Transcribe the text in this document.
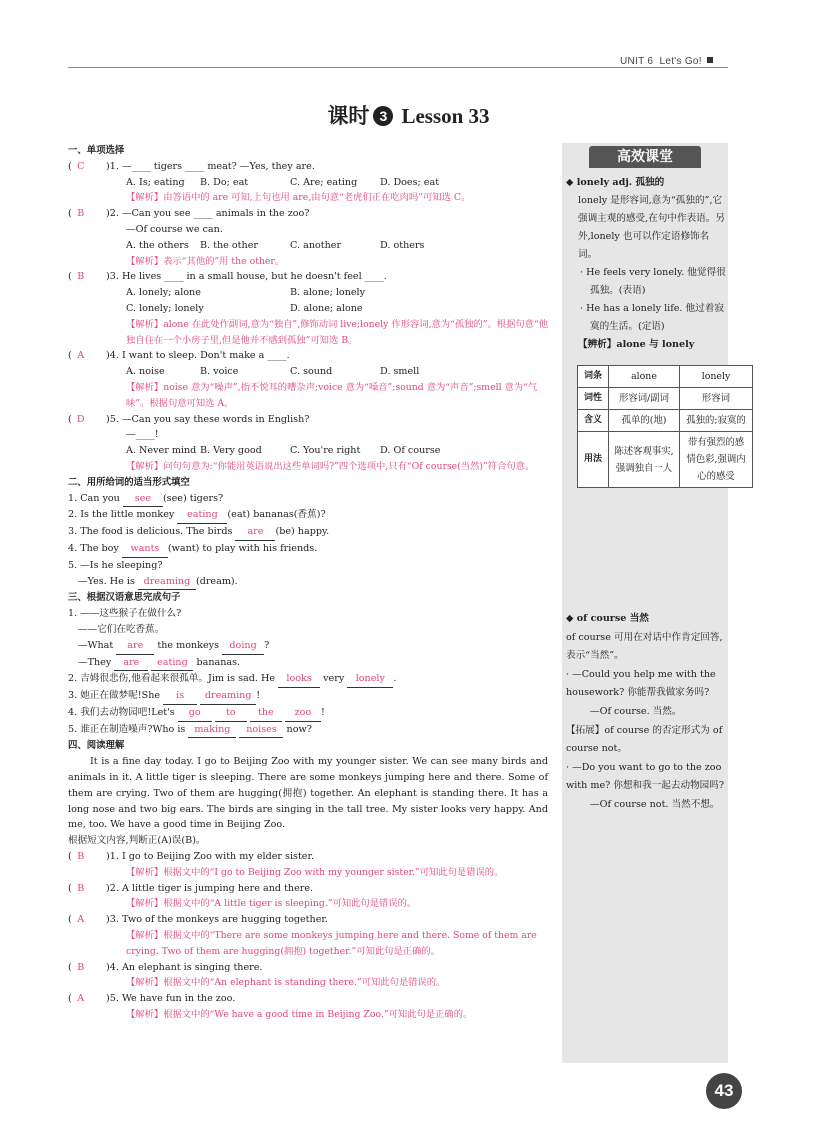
UNIT 6 Let's Go!
课时 3 Lesson 33
一、单项选择
( C )1. —____ tigers ____ meat? —Yes, they are.
A. Is; eating B. Do; eat	C. Are; eating D. Does; eat
【解析】由答语中的 are 可知,上句也用 are,由句意“老虎们正在吃肉吗”可知选 C。
( B )2. —Can you see ____ animals in the zoo?
—Of course we can.
A. the others B. the other	C. another	D. others
【解析】表示“其他的”用 the other。
( B )3. He lives ____ in a small house, but he doesn't feel ____.
A. lonely; alone	B. alone; lonely
C. lonely; lonely	D. alone; alone
【解析】alone 在此处作副词,意为“独自”,修饰动词 live;lonely 作形容词,意为“孤独的”。根据句意“他独自住在一个小房子里,但是他并不感到孤独”可知选 B。
( A )4. I want to sleep. Don't make a ____.
A. noise	B. voice	C. sound	D. smell
【解析】noise 意为“噪声”,指不悦耳的嘈杂声;voice 意为“嗓音”;sound 意为“声音”;smell 意为“气味”。根据句意可知选 A。
( D )5. —Can you say these words in English?
—____!
A. Never mind B. Very good	C. You're right D. Of course
【解析】问句句意为:“你能用英语说出这些单词吗?”四个选项中,只有“Of course(当然)”符合句意。
二、用所给词的适当形式填空
1. Can you see (see) tigers?
2. Is the little monkey eating (eat) bananas(香蕉)?
3. The food is delicious. The birds are (be) happy.
4. The boy wants (want) to play with his friends.
5. —Is he sleeping?
—Yes. He is dreaming (dream).
三、根据汉语意思完成句子
1. ——这些猴子在做什么?
——它们在吃香蕉。
—What are the monkeys doing ?
—They are eating bananas.
2. 吉姆很悲伤,他看起来很孤单。Jim is sad. He looks very lonely .
3. 她正在做梦呢!She is dreaming !
4. 我们去动物园吧!Let's go	to the zoo !
5. 谁正在制造噪声?Who is making noises now?
四、阅读理解
It is a fine day today. I go to Beijing Zoo with my younger sister. We can see many birds and animals in it. A little tiger is sleeping. There are some monkeys jumping here and there. Some of them are crying. Two of them are hugging(拥抱) together. An elephant is standing there. It has a long nose and two big ears. The birds are singing in the tall tree. My sister looks very happy. And me, too. We have a good time in Beijing Zoo.
根据短文内容,判断正(A)误(B)。
( B )1. I go to Beijing Zoo with my elder sister.
【解析】根据文中的“I go to Beijing Zoo with my younger sister.”可知此句是错误的。
( B )2. A little tiger is jumping here and there.
【解析】根据文中的“A little tiger is sleeping.”可知此句是错误的。
( A )3. Two of the monkeys are hugging together.
【解析】根据文中的“There are some monkeys jumping here and there. Some of them are crying. Two of them are hugging(拥抱) together.”可知此句是正确的。
( B )4. An elephant is singing there.
【解析】根据文中的“An elephant is standing there.”可知此句是错误的。
( A )5. We have fun in the zoo.
【解析】根据文中的“We have a good time in Beijing Zoo.”可知此句是正确的。
高效课堂
◆ lonely adj. 孤独的
lonely 是形容词,意为“孤独的”,它强调主观的感受,在句中作表语。另外,lonely 也可以作定语修饰名词。
· He feels very lonely. 他觉得很孤独。(表语)
· He has a lonely life. 他过着寂寞的生活。(定语)
【辨析】alone 与 lonely
词条	alone	lonely
词性	形容词/副词	形容词
含义	孤单的(地)	孤独的;寂寞的
用法	陈述客观事实,强调独自一人	带有强烈的感情色彩,强调内心的感受
◆ of course 当然
of course 可用在对话中作肯定回答,表示“当然”。
· —Could you help me with the housework? 你能帮我做家务吗?
—Of course. 当然。
【拓展】of course 的否定形式为 of course not。
· —Do you want to go to the zoo with me? 你想和我一起去动物园吗?
—Of course not. 当然不想。
43
